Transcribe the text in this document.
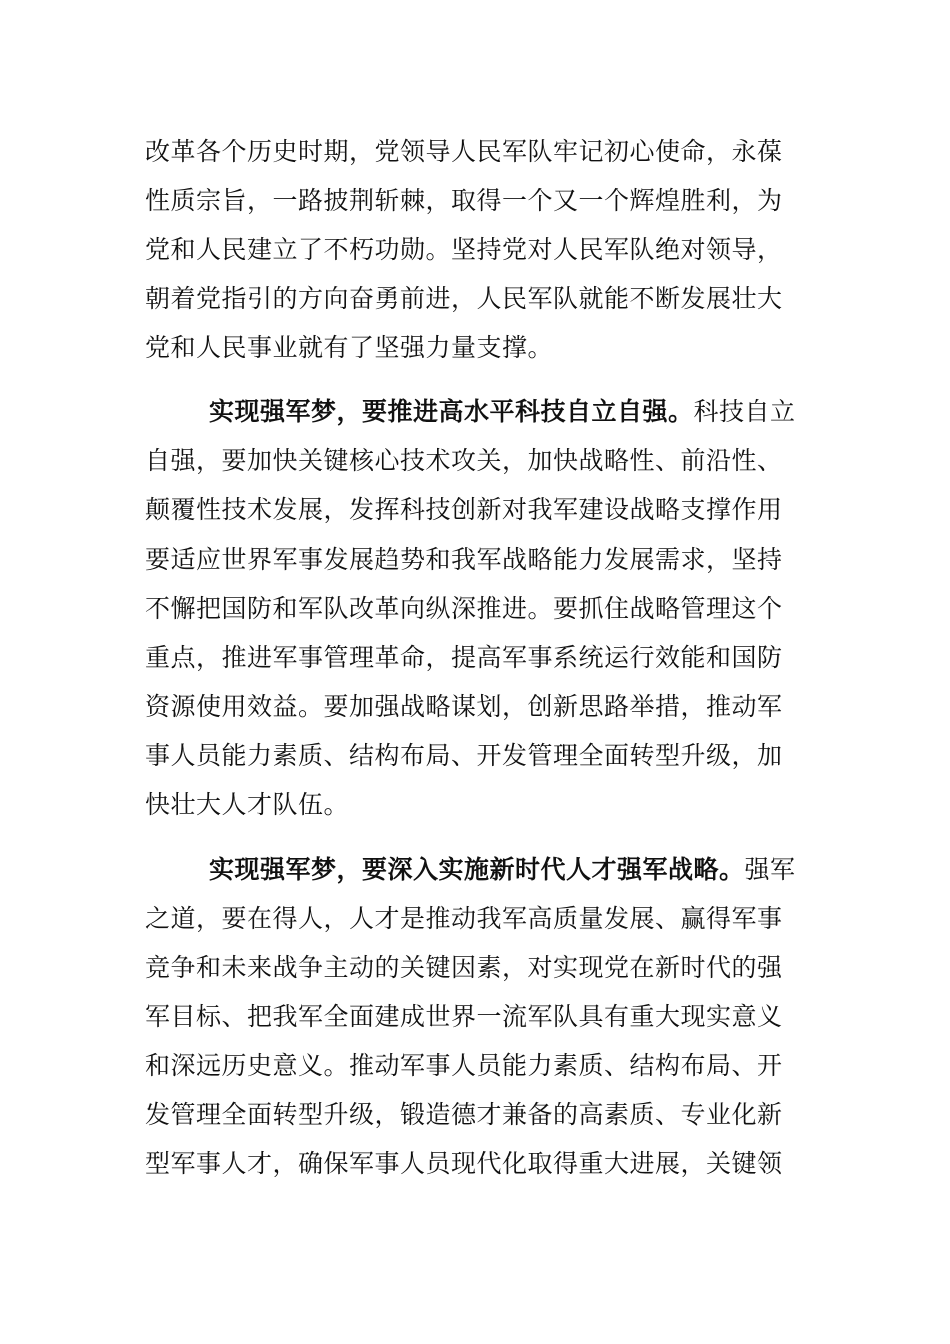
改革各个历史时期，党领导人民军队牢记初心使命，永葆
性质宗旨，一路披荆斩棘，取得一个又一个辉煌胜利，为
党和人民建立了不朽功勋。坚持党对人民军队绝对领导，
朝着党指引的方向奋勇前进，人民军队就能不断发展壮大
党和人民事业就有了坚强力量支撑。
实现强军梦，要推进高水平科技自立自强。科技自立
自强，要加快关键核心技术攻关，加快战略性、前沿性、
颠覆性技术发展，发挥科技创新对我军建设战略支撑作用
要适应世界军事发展趋势和我军战略能力发展需求，坚持
不懈把国防和军队改革向纵深推进。要抓住战略管理这个
重点，推进军事管理革命，提高军事系统运行效能和国防
资源使用效益。要加强战略谋划，创新思路举措，推动军
事人员能力素质、结构布局、开发管理全面转型升级，加
快壮大人才队伍。
实现强军梦，要深入实施新时代人才强军战略。强军
之道，要在得人，人才是推动我军高质量发展、赢得军事
竞争和未来战争主动的关键因素，对实现党在新时代的强
军目标、把我军全面建成世界一流军队具有重大现实意义
和深远历史意义。推动军事人员能力素质、结构布局、开
发管理全面转型升级，锻造德才兼备的高素质、专业化新
型军事人才，确保军事人员现代化取得重大进展，关键领
